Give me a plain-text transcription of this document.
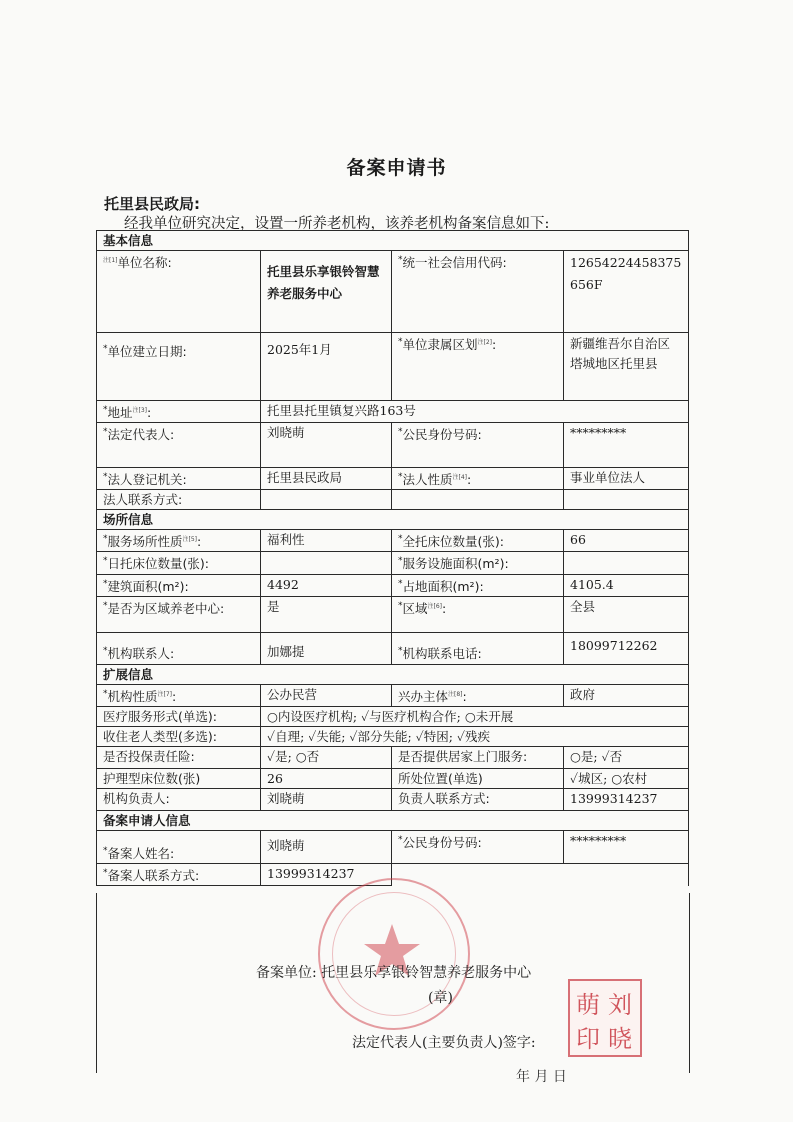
备案申请书
托里县民政局:
经我单位研究决定，设置一所养老机构，该养老机构备案信息如下:
基本信息			
$^{注[1]}$单位名称:	托里县乐享银铃智慧养老服务中心	*统一社会信用代码:	12654224458375656F
*单位建立日期:	2025年1月	*单位隶属区划$^{注[2]}$:	新疆维吾尔自治区塔城地区托里县
*地址$^{注[3]}$:	托里县托里镇复兴路163号		
*法定代表人:	刘晓萌	*公民身份号码:	*********
*法人登记机关:	托里县民政局	*法人性质$^{注[4]}$:	事业单位法人
法人联系方式:			
场所信息			
*服务场所性质$^{注[5]}$:	福利性	*全托床位数量(张):	66
*日托床位数量(张):		*服务设施面积(m²):	
*建筑面积(m²):	4492	*占地面积(m²):	4105.4
*是否为区域养老中心:	是	*区域$^{注[6]}$:	全县
*机构联系人:	加娜提	*机构联系电话:	18099712262
扩展信息			
*机构性质$^{注[7]}$:	公办民营	兴办主体$^{注[8]}$:	政府
医疗服务形式(单选):	○内设医疗机构; ✓与医疗机构合作; ○未开展		
收住老人类型(多选):	✓自理; ✓失能; ✓部分失能; ✓特困; ✓残疾		
是否投保责任险:	✓是; ○否	是否提供居家上门服务:	○是; ✓否
护理型床位数(张)	26	所处位置(单选)	✓城区; ○农村
机构负责人:	刘晓萌	负责人联系方式:	13999314237
备案申请人信息			
*备案人姓名:	刘晓萌	*公民身份号码:	*********
*备案人联系方式:	13999314237		
备案单位: 托里县乐享银铃智慧养老服务中心
(章)	萌 刘
印 晓
法定代表人(主要负责人)签字:
年 月 日
